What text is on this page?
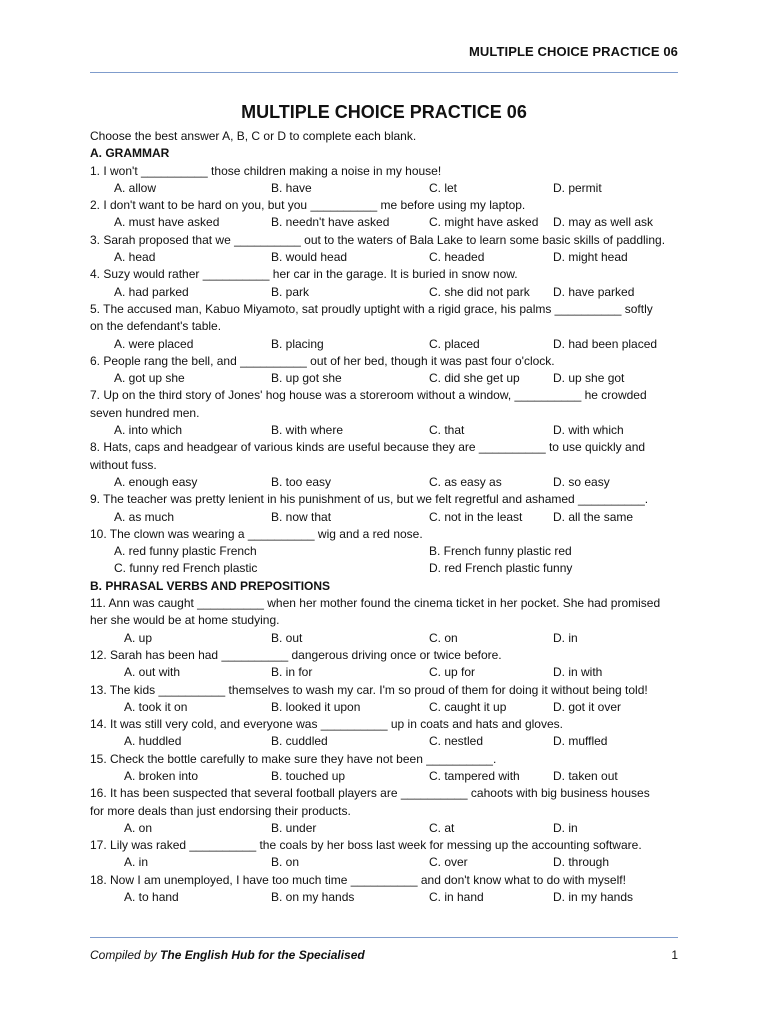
MULTIPLE CHOICE PRACTICE 06
MULTIPLE CHOICE PRACTICE 06

Choose the best answer A, B, C or D to complete each blank.

A. GRAMMAR

1. I won't __________ those children making a noise in my house!

A. allow	B. have	C. let	D. permit

2. I don't want to be hard on you, but you __________ me before using my laptop.

A. must have asked	B. needn't have asked	C. might have asked	D. may as well ask

3. Sarah proposed that we __________ out to the waters of Bala Lake to learn some basic skills of paddling.

A. head	B. would head	C. headed	D. might head

4. Suzy would rather __________ her car in the garage. It is buried in snow now.

A. had parked	B. park	C. she did not park	D. have parked

5. The accused man, Kabuo Miyamoto, sat proudly uptight with a rigid grace, his palms __________ softly

on the defendant's table.

A. were placed	B. placing	C. placed	D. had been placed

6. People rang the bell, and __________ out of her bed, though it was past four o'clock.

A. got up she	B. up got she	C. did she get up	D. up she got

7. Up on the third story of Jones' hog house was a storeroom without a window, __________ he crowded

seven hundred men.

A. into which	B. with where	C. that	D. with which

8. Hats, caps and headgear of various kinds are useful because they are __________ to use quickly and

without fuss.

A. enough easy	B. too easy	C. as easy as	D. so easy

9. The teacher was pretty lenient in his punishment of us, but we felt regretful and ashamed __________.

A. as much	B. now that	C. not in the least	D. all the same

10. The clown was wearing a __________ wig and a red nose.

A. red funny plastic French	B. French funny plastic red
C. funny red French plastic	D. red French plastic funny

B. PHRASAL VERBS AND PREPOSITIONS

11. Ann was caught __________ when her mother found the cinema ticket in her pocket. She had promised

her she would be at home studying.

A. up	B. out	C. on	D. in

12. Sarah has been had __________ dangerous driving once or twice before.

A. out with	B. in for	C. up for	D. in with

13. The kids __________ themselves to wash my car. I'm so proud of them for doing it without being told!

A. took it on	B. looked it upon	C. caught it up	D. got it over

14. It was still very cold, and everyone was __________ up in coats and hats and gloves.

A. huddled	B. cuddled	C. nestled	D. muffled

15. Check the bottle carefully to make sure they have not been __________.

A. broken into	B. touched up	C. tampered with	D. taken out

16. It has been suspected that several football players are __________ cahoots with big business houses

for more deals than just endorsing their products.

A. on	B. under	C. at	D. in

17. Lily was raked __________ the coals by her boss last week for messing up the accounting software.

A. in	B. on	C. over	D. through

18. Now I am unemployed, I have too much time __________ and don't know what to do with myself!

A. to hand	B. on my hands	C. in hand	D. in my hands
Compiled by The English Hub for the Specialised	1
